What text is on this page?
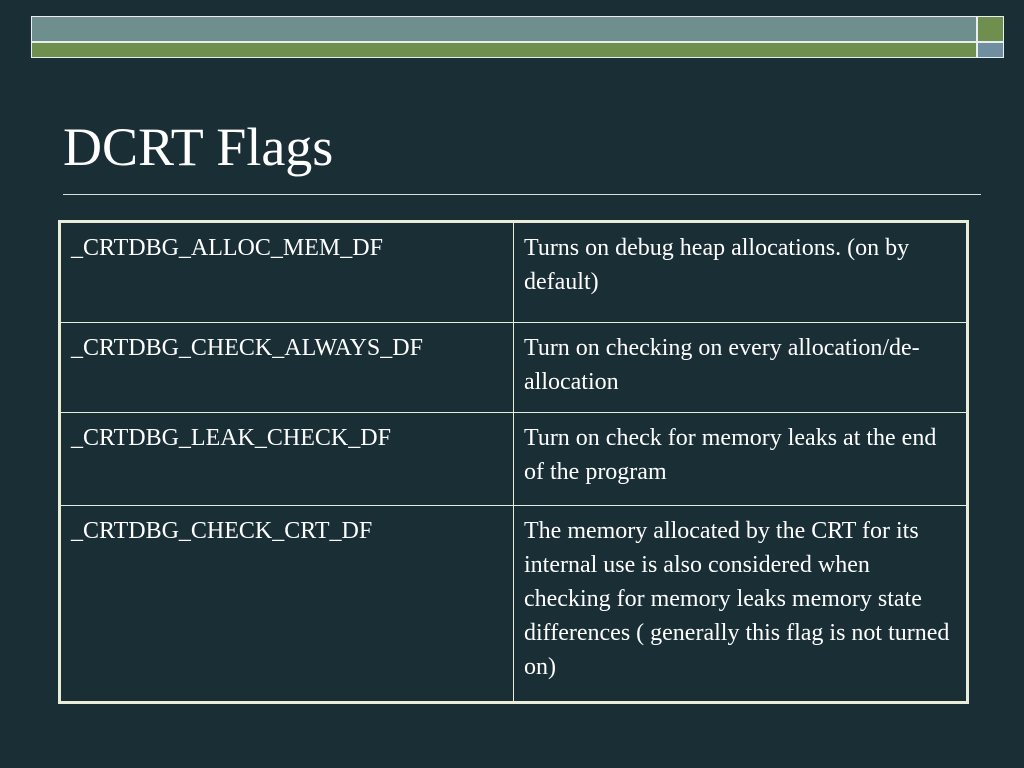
DCRT Flags
_CRTDBG_ALLOC_MEM_DF	Turns on debug heap allocations. (on by default)
_CRTDBG_CHECK_ALWAYS_DF	Turn on checking on every allocation/de-allocation
_CRTDBG_LEAK_CHECK_DF	Turn on check for memory leaks at the end of the program
_CRTDBG_CHECK_CRT_DF	The memory allocated by the CRT for its internal use is also considered when checking for memory leaks memory state differences ( generally this flag is not turned on)
